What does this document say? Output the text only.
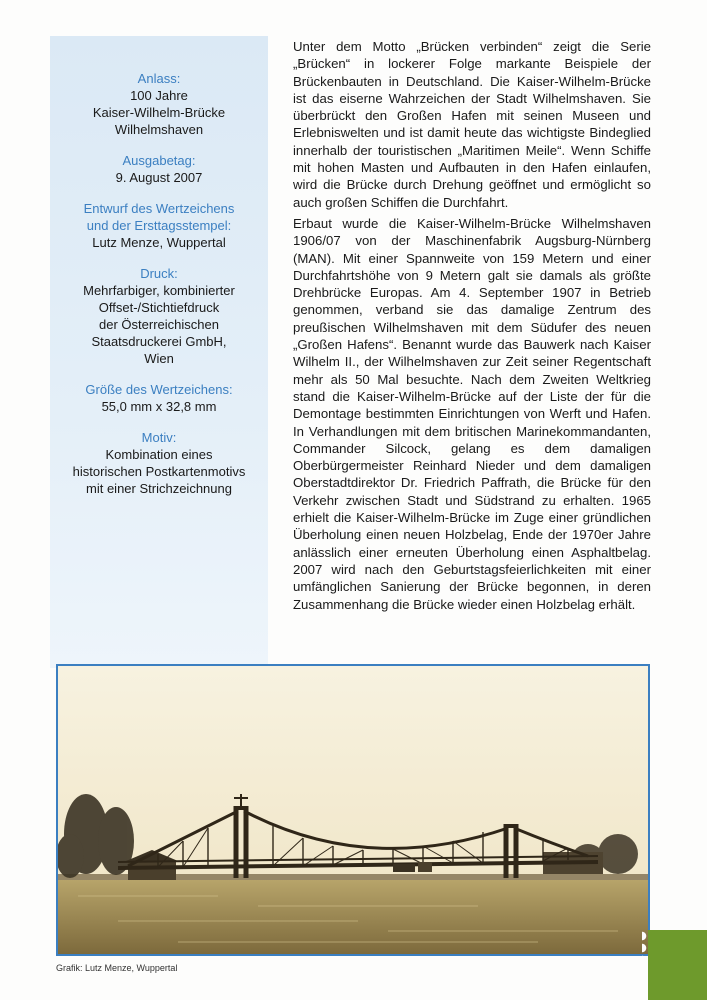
Anlass:
100 Jahre
Kaiser-Wilhelm-Brücke
Wilhelmshaven
Ausgabetag:
9. August 2007
Entwurf des Wertzeichens
und der Ersttagsstempel:
Lutz Menze, Wuppertal
Druck:
Mehrfarbiger, kombinierter
Offset-/Stichtiefdruck
der Österreichischen
Staatsdruckerei GmbH,
Wien
Größe des Wertzeichens:
55,0 mm x 32,8 mm
Motiv:
Kombination eines
historischen Postkartenmotivs
mit einer Strichzeichnung

Unter dem Motto „Brücken verbinden“ zeigt die Serie „Brücken“ in lockerer Folge markante Beispiele der Brückenbauten in Deutschland. Die Kaiser-Wilhelm-Brücke ist das eiserne Wahrzeichen der Stadt Wilhelmshaven. Sie überbrückt den Großen Hafen mit seinen Museen und Erlebniswelten und ist damit heute das wichtigste Bindeglied innerhalb der touristischen „Maritimen Meile“. Wenn Schiffe mit hohen Masten und Aufbauten in den Hafen einlaufen, wird die Brücke durch Drehung geöffnet und ermöglicht so auch großen Schiffen die Durchfahrt.

Erbaut wurde die Kaiser-Wilhelm-Brücke Wilhelmshaven 1906/07 von der Maschinenfabrik Augsburg-Nürnberg (MAN). Mit einer Spannweite von 159 Metern und einer Durchfahrtshöhe von 9 Metern galt sie damals als größte Drehbrücke Europas. Am 4. September 1907 in Betrieb genommen, verband sie das damalige Zentrum des preußischen Wilhelmshaven mit dem Südufer des neuen „Großen Hafens“. Benannt wurde das Bauwerk nach Kaiser Wilhelm II., der Wilhelmshaven zur Zeit seiner Regentschaft mehr als 50 Mal besuchte. Nach dem Zweiten Weltkrieg stand die Kaiser-Wilhelm-Brücke auf der Liste der für die Demontage bestimmten Einrichtungen von Werft und Hafen. In Verhandlungen mit dem britischen Marinekommandanten, Commander Silcock, gelang es dem damaligen Oberbürgermeister Reinhard Nieder und dem damaligen Oberstadtdirektor Dr. Friedrich Paffrath, die Brücke für den Verkehr zwischen Stadt und Südstrand zu erhalten. 1965 erhielt die Kaiser-Wilhelm-Brücke im Zuge einer gründlichen Überholung einen neuen Holzbelag, Ende der 1970er Jahre anlässlich einer erneuten Überholung einen Asphaltbelag. 2007 wird nach den Geburtstagsfeierlichkeiten mit einer umfänglichen Sanierung der Brücke begonnen, in deren Zusammenhang die Brücke wieder einen Holzbelag erhält.

Grafik: Lutz Menze, Wuppertal
